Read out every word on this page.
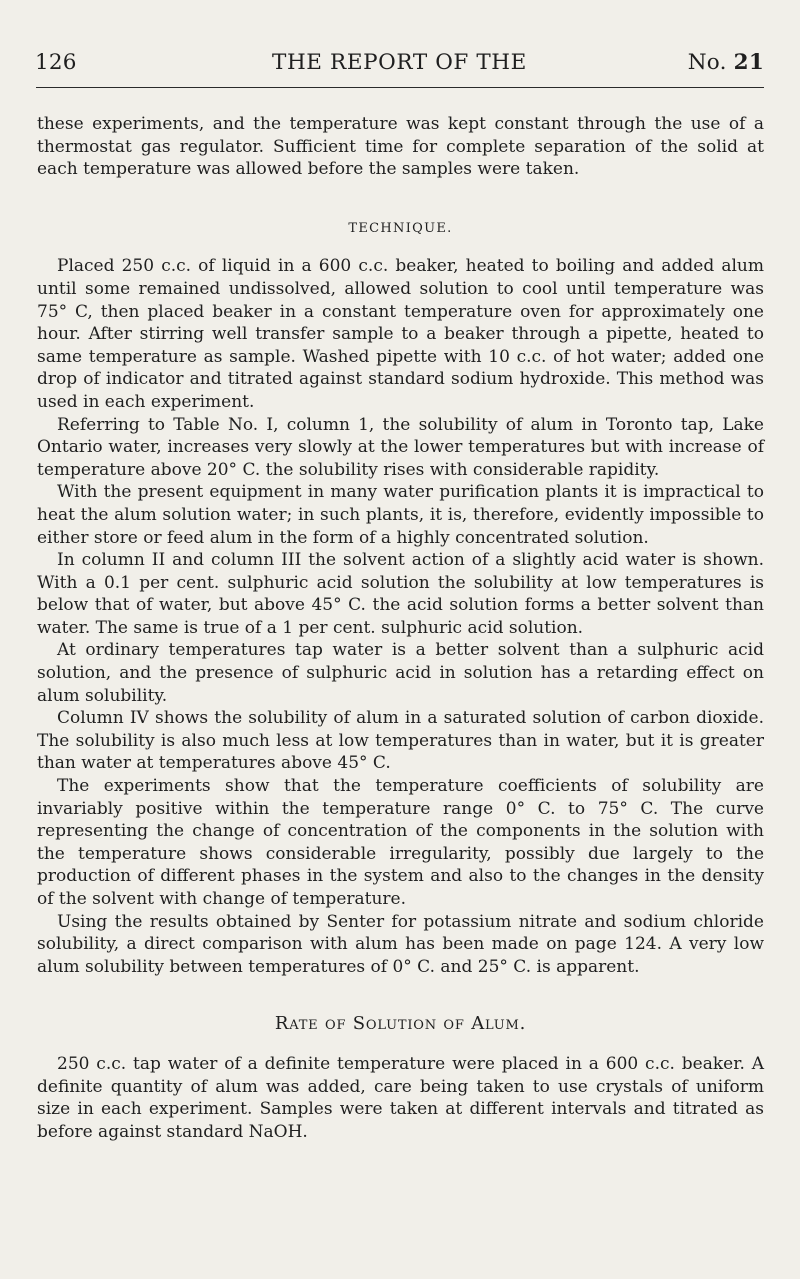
126	THE REPORT OF THE	No. 21

these experiments, and the temperature was kept constant through the use of a thermostat gas regulator. Sufficient time for complete separation of the solid at each temperature was allowed before the samples were taken.

TECHNIQUE.

Placed 250 c.c. of liquid in a 600 c.c. beaker, heated to boiling and added alum until some remained undissolved, allowed solution to cool until temperature was 75° C, then placed beaker in a constant temperature oven for approximately one hour. After stirring well transfer sample to a beaker through a pipette, heated to same temperature as sample. Washed pipette with 10 c.c. of hot water; added one drop of indicator and titrated against standard sodium hydroxide. This method was used in each experiment.

Referring to Table No. I, column 1, the solubility of alum in Toronto tap, Lake Ontario water, increases very slowly at the lower temperatures but with increase of temperature above 20° C. the solubility rises with considerable rapidity.

With the present equipment in many water purification plants it is impractical to heat the alum solution water; in such plants, it is, therefore, evidently impossible to either store or feed alum in the form of a highly concentrated solution.

In column II and column III the solvent action of a slightly acid water is shown. With a 0.1 per cent. sulphuric acid solution the solubility at low temperatures is below that of water, but above 45° C. the acid solution forms a better solvent than water. The same is true of a 1 per cent. sulphuric acid solution.

At ordinary temperatures tap water is a better solvent than a sulphuric acid solution, and the presence of sulphuric acid in solution has a retarding effect on alum solubility.

Column IV shows the solubility of alum in a saturated solution of carbon dioxide. The solubility is also much less at low temperatures than in water, but it is greater than water at temperatures above 45° C.

The experiments show that the temperature coefficients of solubility are invariably positive within the temperature range 0° C. to 75° C. The curve representing the change of concentration of the components in the solution with the temperature shows considerable irregularity, possibly due largely to the production of different phases in the system and also to the changes in the density of the solvent with change of temperature.

Using the results obtained by Senter for potassium nitrate and sodium chloride solubility, a direct comparison with alum has been made on page 124. A very low alum solubility between temperatures of 0° C. and 25° C. is apparent.

Rate of Solution of Alum.

250 c.c. tap water of a definite temperature were placed in a 600 c.c. beaker. A definite quantity of alum was added, care being taken to use crystals of uniform size in each experiment. Samples were taken at different intervals and titrated as before against standard NaOH.
